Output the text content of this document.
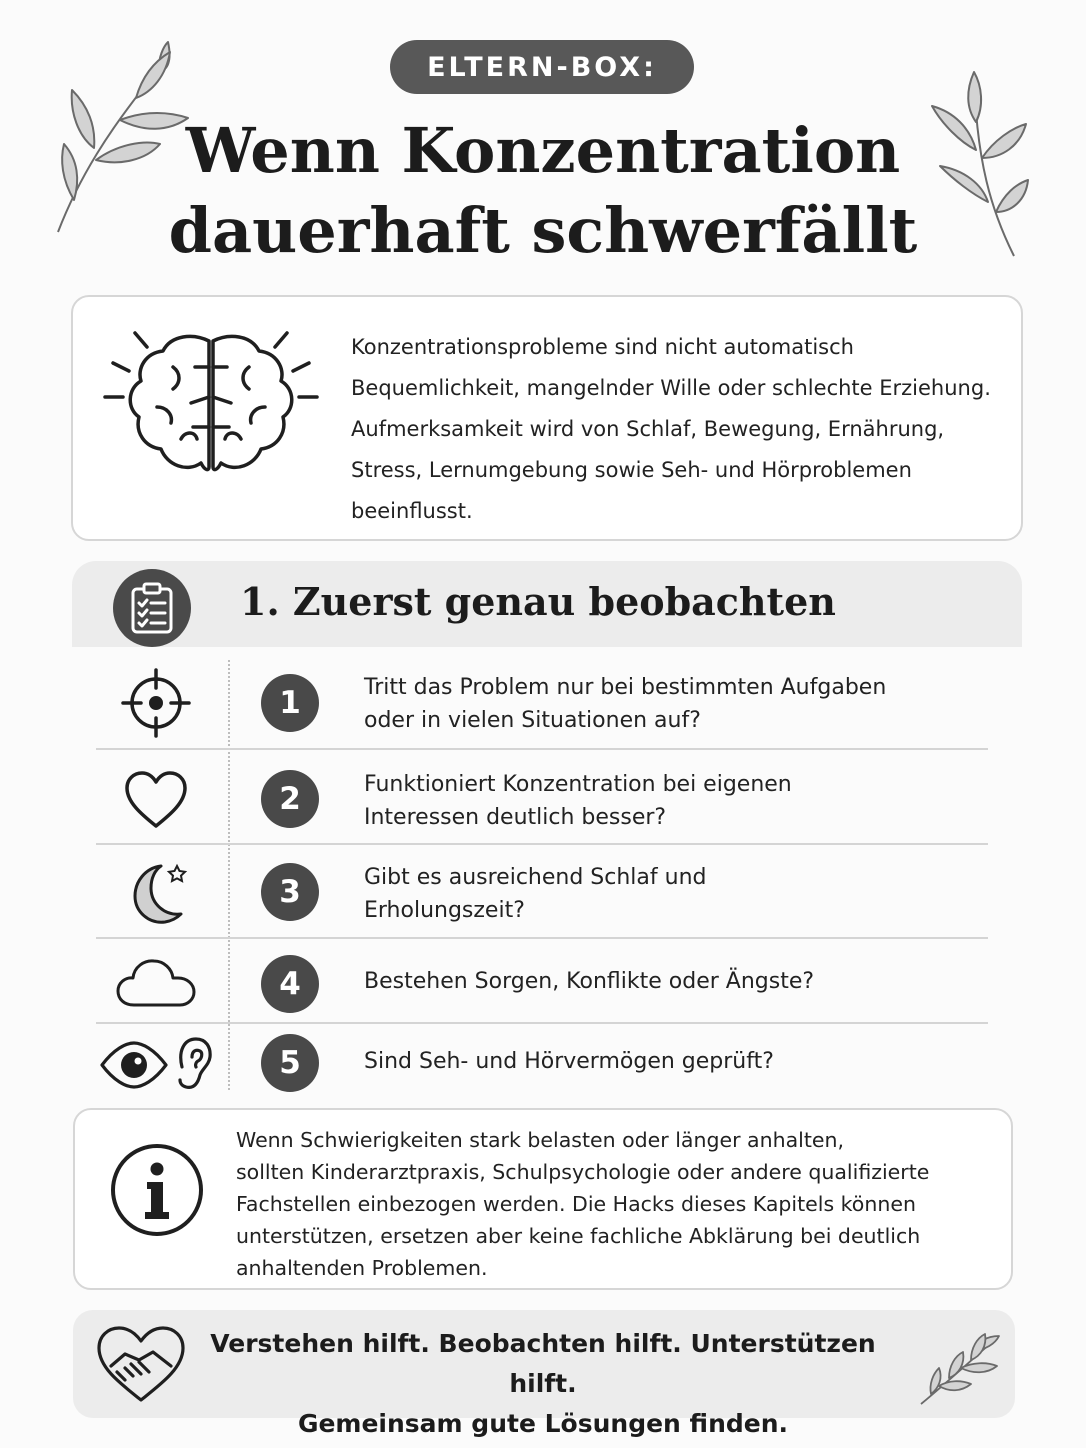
ELTERN-BOX:
Wenn Konzentration
dauerhaft schwerfällt
Konzentrationsprobleme sind nicht automatisch
Bequemlichkeit, mangelnder Wille oder schlechte Erziehung.
Aufmerksamkeit wird von Schlaf, Bewegung, Ernährung,
Stress, Lernumgebung sowie Seh- und Hörproblemen
beeinflusst.
1. Zuerst genau beobachten
1	Tritt das Problem nur bei bestimmten Aufgaben
oder in vielen Situationen auf?
2	Funktioniert Konzentration bei eigenen
Interessen deutlich besser?
3	Gibt es ausreichend Schlaf und
Erholungszeit?
4	Bestehen Sorgen, Konflikte oder Ängste?
5	Sind Seh- und Hörvermögen geprüft?
Wenn Schwierigkeiten stark belasten oder länger anhalten,
sollten Kinderarztpraxis, Schulpsychologie oder andere qualifizierte
Fachstellen einbezogen werden. Die Hacks dieses Kapitels können
unterstützen, ersetzen aber keine fachliche Abklärung bei deutlich
anhaltenden Problemen.
Verstehen hilft. Beobachten hilft. Unterstützen hilft.
Gemeinsam gute Lösungen finden.
